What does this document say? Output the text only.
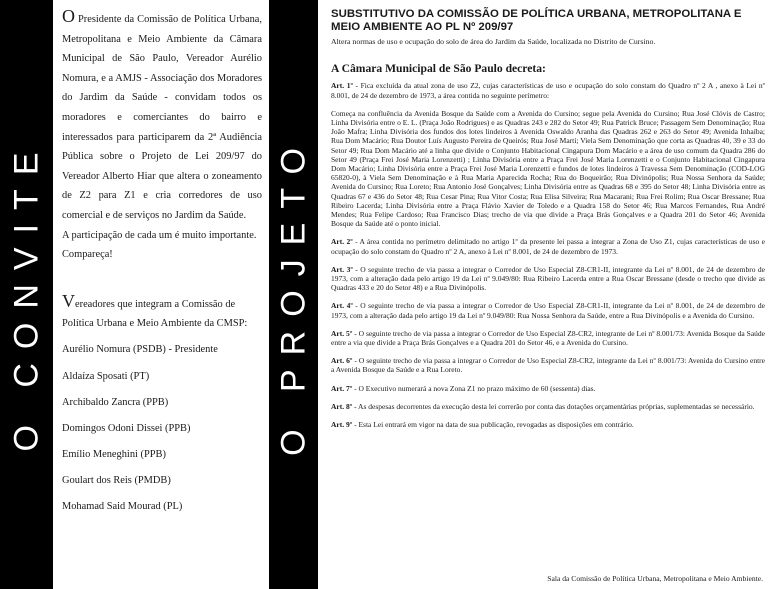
O CONVITE	O PROJETO

O Presidente da Comissão de Política Urbana, Metropolitana e Meio Ambiente da Câmara Municipal de São Paulo, Vereador Aurélio Nomura, e a AMJS - Associação dos Moradores do Jardim da Saúde - convidam todos os moradores e comerciantes do bairro e interessados para participarem da 2ª Audiência Pública sobre o Projeto de Lei 209/97 do Vereador Alberto Hiar que altera o zoneamento de Z2 para Z1 e cria corredores de uso comercial e de serviços no Jardim da Saúde.

A participação de cada um é muito importante. Compareça!

Vereadores que integram a Comissão de Política Urbana e Meio Ambiente da CMSP:

Aurélio Nomura (PSDB) - Presidente

Aldaíza Sposati (PT)

Archibaldo Zancra (PPB)

Domingos Odoni Dissei (PPB)

Emílio Meneghini (PPB)

Goulart dos Reis (PMDB)

Mohamad Said Mourad (PL)

SUBSTITUTIVO DA COMISSÃO DE POLÍTICA URBANA, METROPOLITANA E MEIO AMBIENTE AO PL Nº 209/97

Altera normas de uso e ocupação do solo de área do Jardim da Saúde, localizada no Distrito de Cursino.

A Câmara Municipal de São Paulo decreta:

Art. 1º - Fica excluída da atual zona de uso Z2, cujas características de uso e ocupação do solo constam do Quadro nº 2 A , anexo à Lei nº 8.001, de 24 de dezembro de 1973, a área contida no seguinte perímetro:

Começa na confluência da Avenida Bosque da Saúde com a Avenida do Cursino; segue pela Avenida do Cursino; Rua José Clóvis de Castro; Linha Divisória entre o E. L. (Praça João Rodrigues) e as Quadras 243 e 282 do Setor 49; Rua Patrick Bruce; Passagem Sem Denominação; Rua João Mafra; Linha Divisória dos fundos dos lotes lindeiros à Avenida Oswaldo Aranha das Quadras 262 e 263 do Setor 49; Avenida Inhaíba; Rua Dom Macário; Rua Doutor Luís Augusto Pereira de Queirós; Rua José Martí; Viela Sem Denominação que corta as Quadras 40, 39 e 33 do Setor 49; Rua Dom Macário até a linha que divide o Conjunto Habitacional Cingapura Dom Macário e a área de uso comum da Quadra 286 do Setor 49 (Praça Frei José Maria Lorenzetti) ; Linha Divisória entre a Praça Frei José Maria Lorenzetti e o Conjunto Habitacional Cingapura Dom Macário; Linha Divisória entre a Praça Frei José Maria Lorenzetti e fundos de lotes lindeiros à Travessa Sem Denominação (COD-LOG 65820-0), à Viela Sem Denominação e à Rua Maria Aparecida Rocha; Rua do Boqueirão; Rua Divinópolis; Rua Nossa Senhora da Saúde; Avenida do Cursino; Rua Loreto; Rua Antonio José Gonçalves; Linha Divisória entre as Quadras 68 e 395 do Setor 48; Linha Divisória entre as Quadras 67 e 436 do Setor 48; Rua Cesar Pina; Rua Vitor Costa; Rua Elisa Silveira; Rua Macarani; Rua Frei Rolim; Rua Oscar Bressane; Rua Ribeiro Lacerda; Linha Divisória entre a Praça Flávio Xavier de Toledo e a Quadra 158 do Setor 46; Rua Marcos Fernandes, Rua André Mendes; Rua Felipe Cardoso; Rua Francisco Dias; trecho de via que divide a Praça Brás Gonçalves e a Quadra 201 do Setor 46; Avenida Bosque da Saúde até o ponto inicial.

Art. 2º - A área contida no perímetro delimitado no artigo 1º da presente lei passa a integrar a Zona de Uso Z1, cujas características de uso e ocupação do solo constam do Quadro nº 2 A, anexo à Lei nº 8.001, de 24 de dezembro de 1973.

Art. 3º - O seguinte trecho de via passa a integrar o Corredor de Uso Especial Z8-CR1-II, integrante da Lei nº 8.001, de 24 de dezembro de 1973, com a alteração dada pelo artigo 19 da Lei nº 9.049/80: Rua Ribeiro Lacerda entre a Rua Oscar Bressane (desde o trecho que divide as Quadras 433 e 20 do Setor 48) e a Rua Divinópolis.

Art. 4º - O seguinte trecho de via passa a integrar o Corredor de Uso Especial Z8-CR1-II, integrante da Lei nº 8.001, de 24 de dezembro de 1973, com a alteração dada pelo artigo 19 da Lei nº 9.049/80: Rua Nossa Senhora da Saúde, entre a Rua Divinópolis e a Avenida do Cursino.

Art. 5º - O seguinte trecho de via passa a integrar o Corredor de Uso Especial Z8-CR2, integrante de Lei nº 8.001/73: Avenida Bosque da Saúde entre a via que divide a Praça Brás Gonçalves e a Quadra 201 do Setor 46, e a Avenida do Cursino.

Art. 6º - O seguinte trecho de via passa a integrar o Corredor de Uso Especial Z8-CR2, integrante da Lei nº 8.001/73: Avenida do Cursino entre a Avenida Bosque da Saúde e a Rua Loreto.

Art. 7º - O Executivo numerará a nova Zona Z1 no prazo máximo de 60 (sessenta) dias.

Art. 8º - As despesas decorrentes da execução desta lei correrão por conta das dotações orçamentárias próprias, suplementadas se necessário.

Art. 9º - Esta Lei entrará em vigor na data de sua publicação, revogadas as disposições em contrário.

Sala da Comissão de Política Urbana, Metropolitana e Meio Ambiente.
